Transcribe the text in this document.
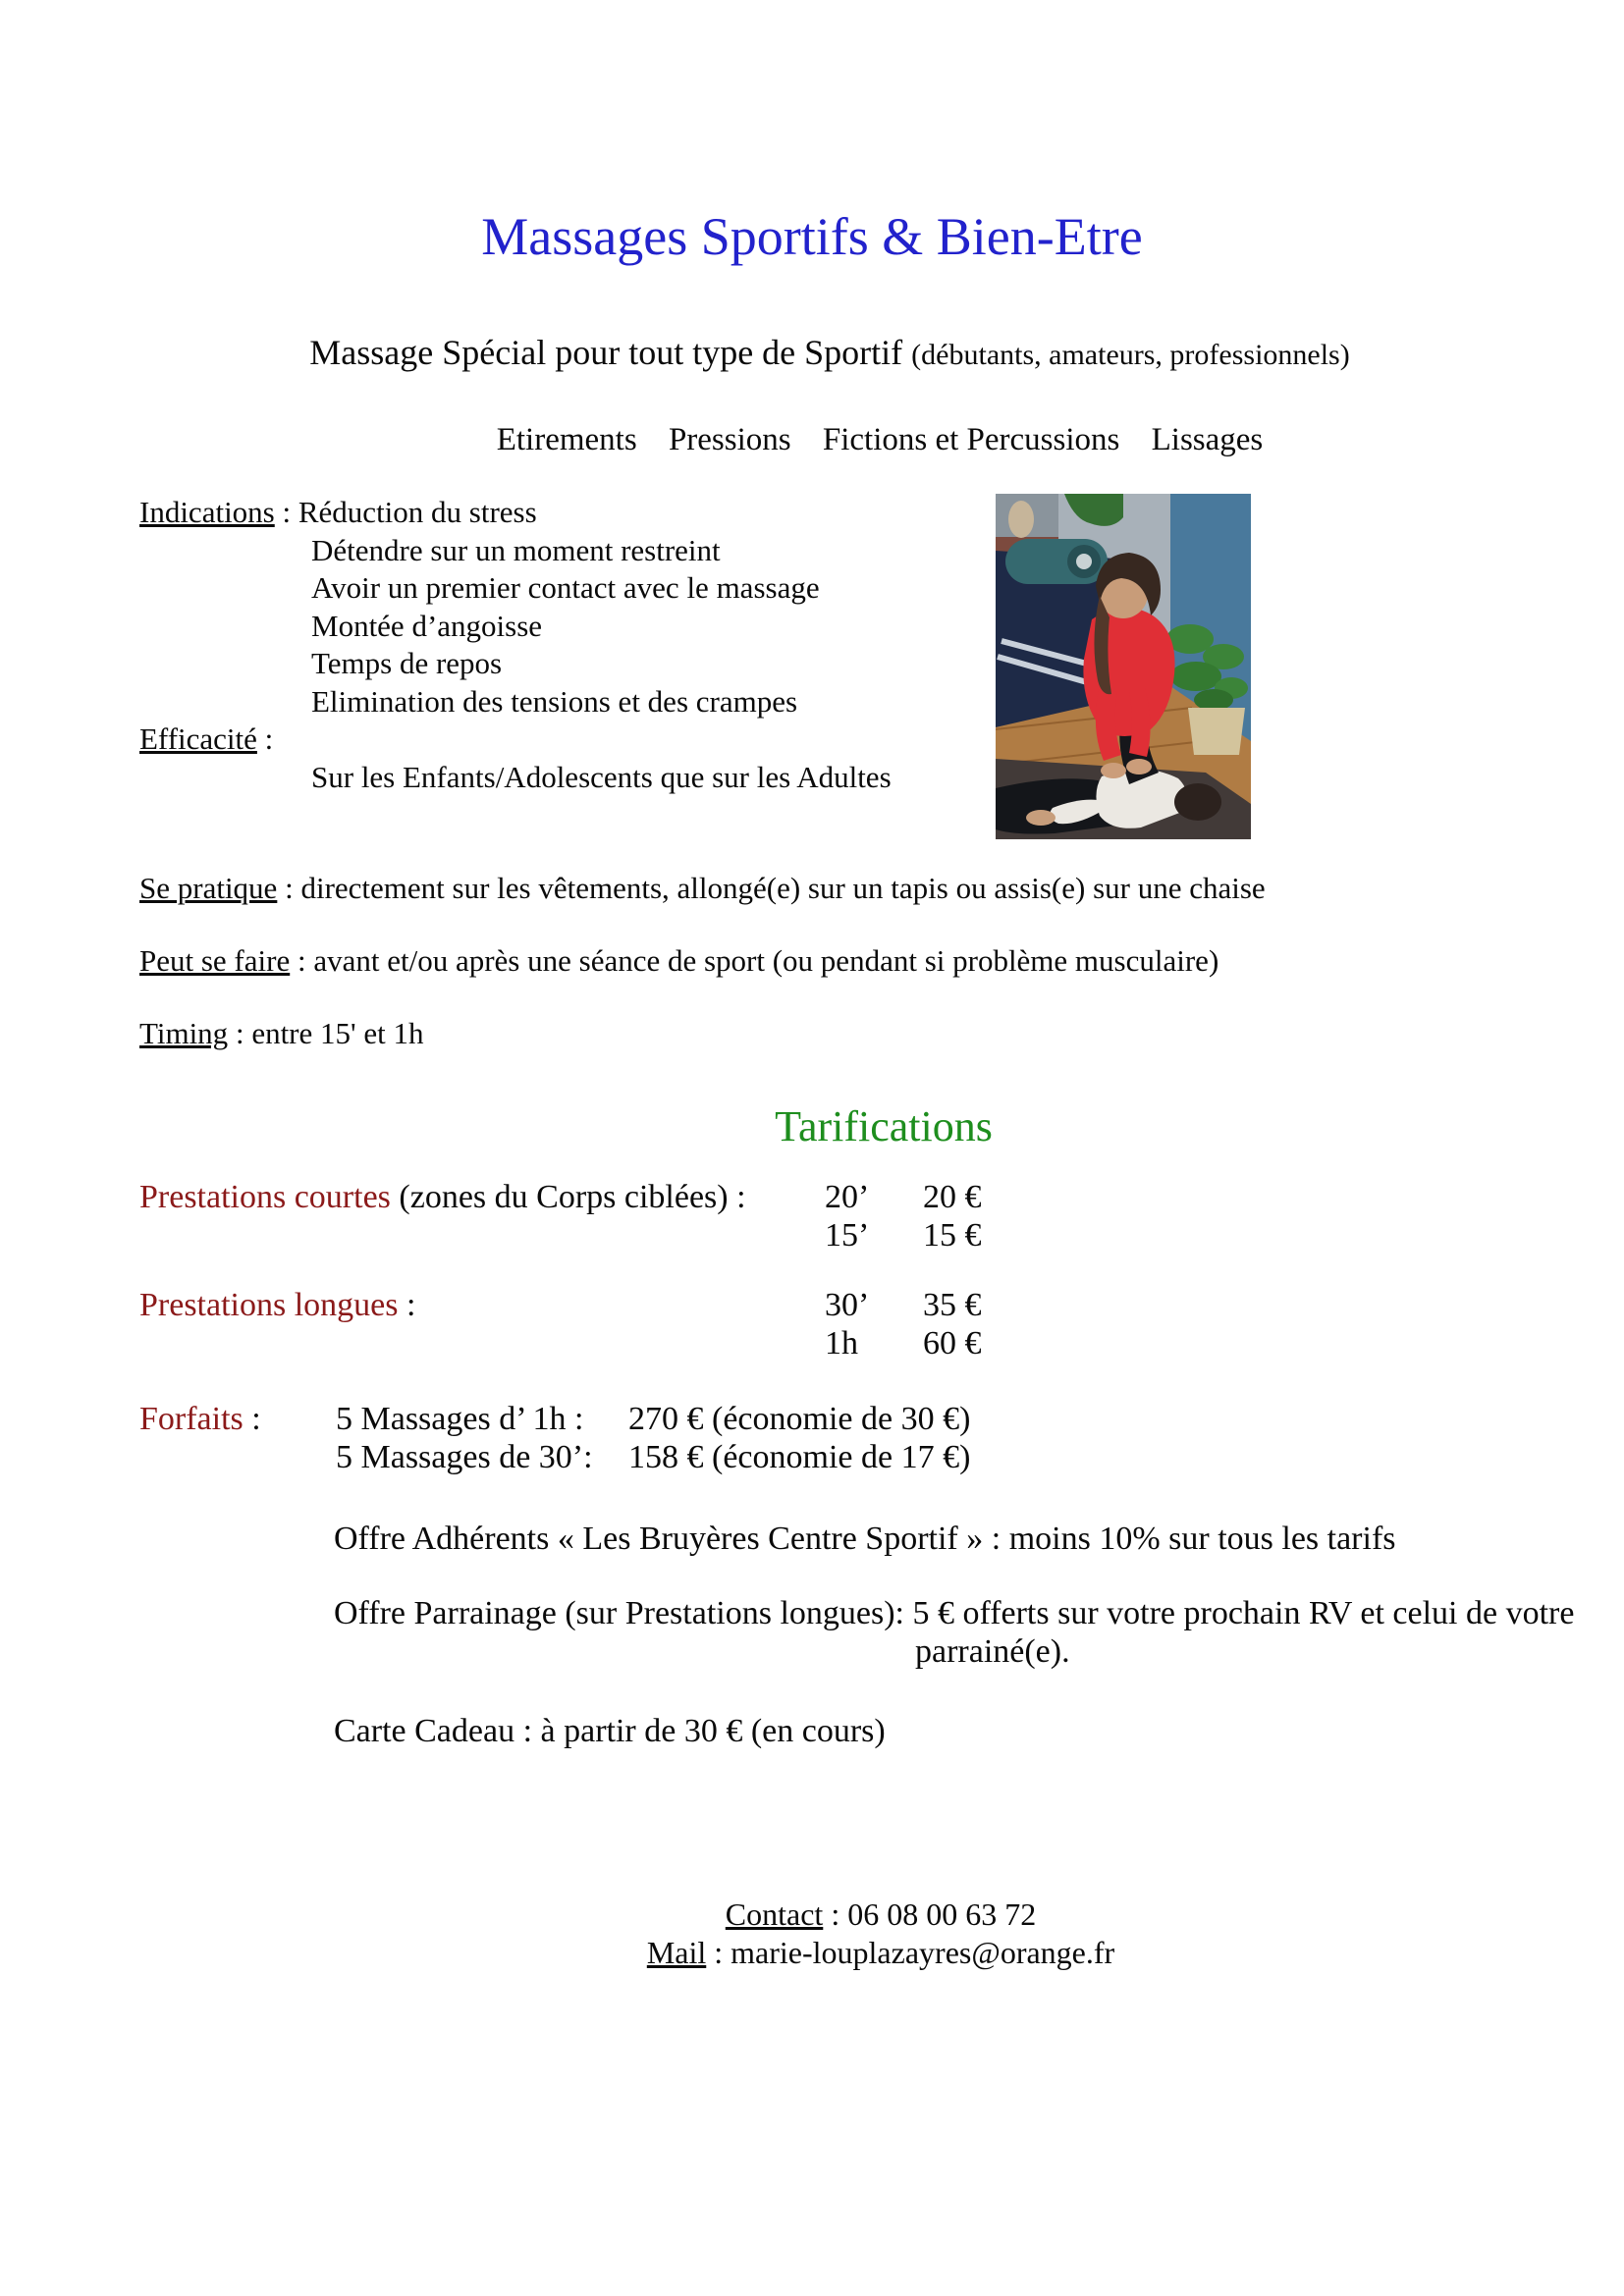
Massages Sportifs & Bien-Etre
Massage Spécial pour tout type de Sportif (débutants, amateurs, professionnels)
Etirements Pressions Fictions et Percussions Lissages
Indications : Réduction du stress
Détendre sur un moment restreint
Avoir un premier contact avec le massage
Montée d’angoisse
Temps de repos
Elimination des tensions et des crampes
Efficacité :
Sur les Enfants/Adolescents que sur les Adultes
Se pratique : directement sur les vêtements, allongé(e) sur un tapis ou assis(e) sur une chaise
Peut se faire : avant et/ou après une séance de sport (ou pendant si problème musculaire)
Timing : entre 15' et 1h
Tarifications
Prestations courtes (zones du Corps ciblées) : 20’ 20 €
15’ 15 €
Prestations longues :	30’ 35 €
1h 60 €
Forfaits : 5 Massages d’ 1h : 270 € (économie de 30 €)
5 Massages de 30’: 158 € (économie de 17 €)
Offre Adhérents « Les Bruyères Centre Sportif » : moins 10% sur tous les tarifs
Offre Parrainage (sur Prestations longues): 5 € offerts sur votre prochain RV et celui de votre
parrainé(e).
Carte Cadeau : à partir de 30 € (en cours)
Contact : 06 08 00 63 72
Mail : marie-louplazayres@orange.fr
